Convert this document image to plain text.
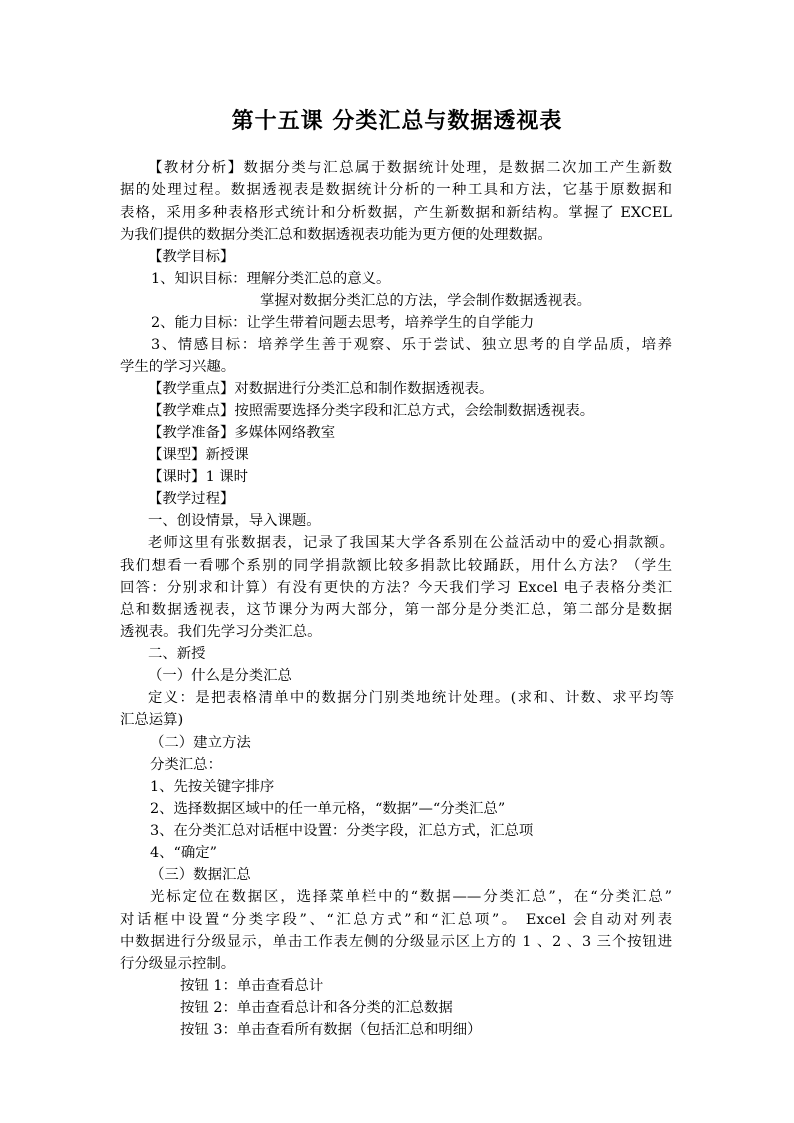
第十五课 分类汇总与数据透视表
【教材分析】数据分类与汇总属于数据统计处理，是数据二次加工产生新数
据的处理过程。数据透视表是数据统计分析的一种工具和方法，它基于原数据和
表格，采用多种表格形式统计和分析数据，产生新数据和新结构。掌握了 EXCEL
为我们提供的数据分类汇总和数据透视表功能为更方便的处理数据。
【教学目标】
1、知识目标：理解分类汇总的意义。
掌握对数据分类汇总的方法，学会制作数据透视表。
2、能力目标：让学生带着问题去思考，培养学生的自学能力
3、情感目标：培养学生善于观察、乐于尝试、独立思考的自学品质，培养
学生的学习兴趣。
【教学重点】对数据进行分类汇总和制作数据透视表。
【教学难点】按照需要选择分类字段和汇总方式，会绘制数据透视表。
【教学准备】多媒体网络教室
【课型】新授课
【课时】1 课时
【教学过程】
一、创设情景，导入课题。
老师这里有张数据表，记录了我国某大学各系别在公益活动中的爱心捐款额。
我们想看一看哪个系别的同学捐款额比较多捐款比较踊跃，用什么方法？（学生
回答：分别求和计算）有没有更快的方法？今天我们学习 Excel 电子表格分类汇
总和数据透视表，这节课分为两大部分，第一部分是分类汇总，第二部分是数据
透视表。我们先学习分类汇总。
二、新授
（一）什么是分类汇总
定义：是把表格清单中的数据分门别类地统计处理。(求和、计数、求平均等
汇总运算)
（二）建立方法
分类汇总：
1、先按关键字排序
2、选择数据区域中的任一单元格，“数据”—“分类汇总”
3、在分类汇总对话框中设置：分类字段，汇总方式，汇总项
4、“确定”
（三）数据汇总
光标定位在数据区，选择菜单栏中的“数据——分类汇总”，在“分类汇总”
对话框中设置“分类字段”、“汇总方式”和“汇总项”。 Excel 会自动对列表
中数据进行分级显示，单击工作表左侧的分级显示区上方的 1 、2 、3 三个按钮进
行分级显示控制。
按钮 1：单击查看总计
按钮 2：单击查看总计和各分类的汇总数据
按钮 3：单击查看所有数据（包括汇总和明细）
